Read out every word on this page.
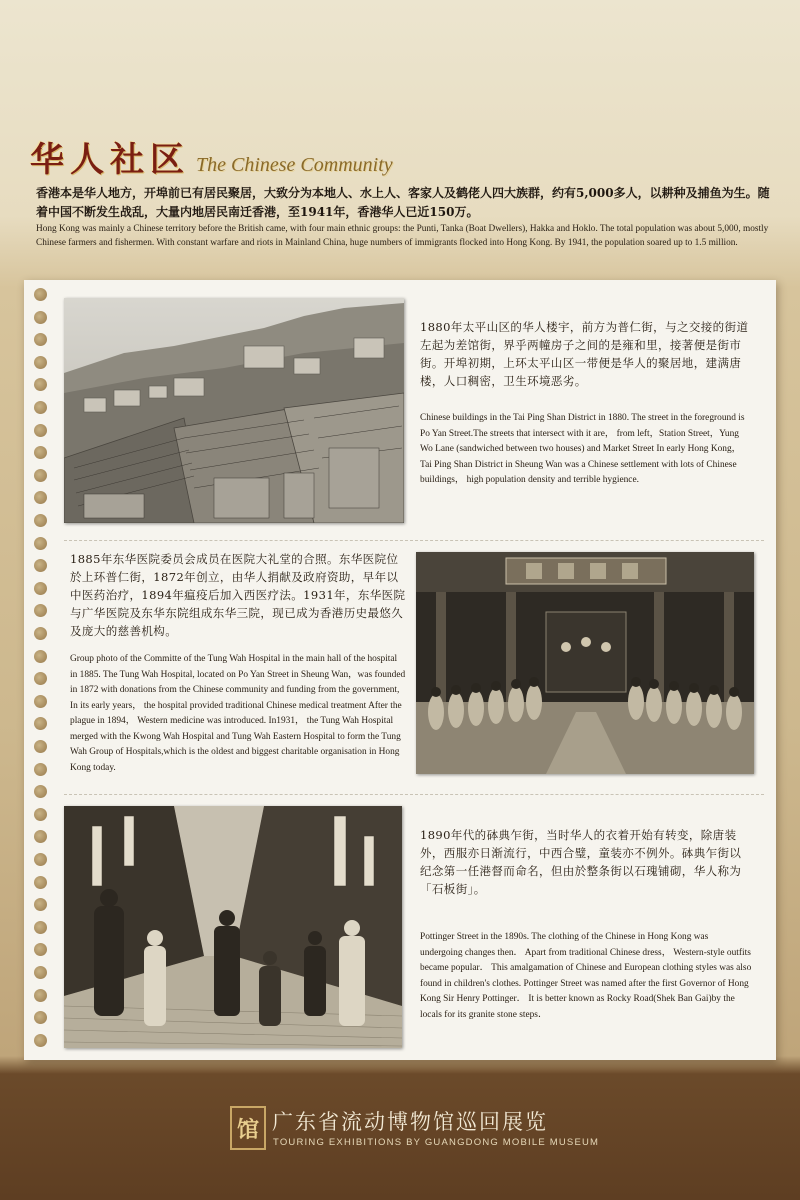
华人社区 The Chinese Community
香港本是华人地方，开埠前已有居民聚居，大致分为本地人、水上人、客家人及鹤佬人四大族群，约有5,000多人，以耕种及捕鱼为生。随着中国不断发生战乱，大量内地居民南迁香港，至1941年，香港华人已近150万。
Hong Kong was mainly a Chinese territory before the British came, with four main ethnic groups: the Punti, Tanka (Boat Dwellers), Hakka and Hoklo. The total population was about 5,000, mostly Chinese farmers and fishermen. With constant warfare and riots in Mainland China, huge numbers of immigrants flocked into Hong Kong. By 1941, the population soared up to 1.5 million.
1880年太平山区的华人楼宇，前方为普仁街，与之交接的街道左起为差馆街，界乎两幢房子之间的是雍和里，接著便是街市街。开埠初期，上环太平山区一带便是华人的聚居地，建满唐楼，人口稠密，卫生环境恶劣。
Chinese buildings in the Tai Ping Shan District in 1880. The street in the foreground is Po Yan Street.The streets that intersect with it are， from left，Station Street，Yung Wo Lane (sandwiched between two houses) and Market Street In early Hong Kong，Tai Ping Shan District in Sheung Wan was a Chinese settlement with lots of Chinese buildings， high population density and terrible hygience.
1885年东华医院委员会成员在医院大礼堂的合照。东华医院位於上环普仁街，1872年创立，由华人捐献及政府资助，早年以中医药治疗，1894年瘟疫后加入西医疗法。1931年，东华医院与广华医院及东华东院组成东华三院，现已成为香港历史最悠久及庞大的慈善机构。
Group photo of the Committe of the Tung Wah Hospital in the main hall of the hospital in 1885. The Tung Wah Hospital, located on Po Yan Street in Sheung Wan，was founded in 1872 with donations from the Chinese community and funding from the government, In its early years， the hospital provided traditional Chinese medical treatment After the plague in 1894， Western medicine was introduced. In1931， the Tung Wah Hospital merged with the Kwong Wah Hospital and Tung Wah Eastern Hospital to form the Tung Wah Group of Hospitals,which is the oldest and biggest charitable organisation in Hong Kong today.
1890年代的砵典乍街，当时华人的衣着开始有转变，除唐装外，西服亦日渐流行，中西合璧，童装亦不例外。砵典乍街以纪念第一任港督而命名，但由於整条街以石瑰铺砌，华人称为「石板街」。
Pottinger Street in the 1890s. The clothing of the Chinese in Hong Kong was undergoing changes then． Apart from traditional Chinese dress， Western-style outfits became popular． This amalgamation of Chinese and European clothing styles was also found in children's clothes. Pottinger Street was named after the first Governor of Hong Kong Sir Henry Pottinger． It is better known as Rocky Road(Shek Ban Gai)by the locals for its granite stone steps．
馆 广东省流动博物馆巡回展览
TOURING EXHIBITIONS BY GUANGDONG MOBILE MUSEUM
